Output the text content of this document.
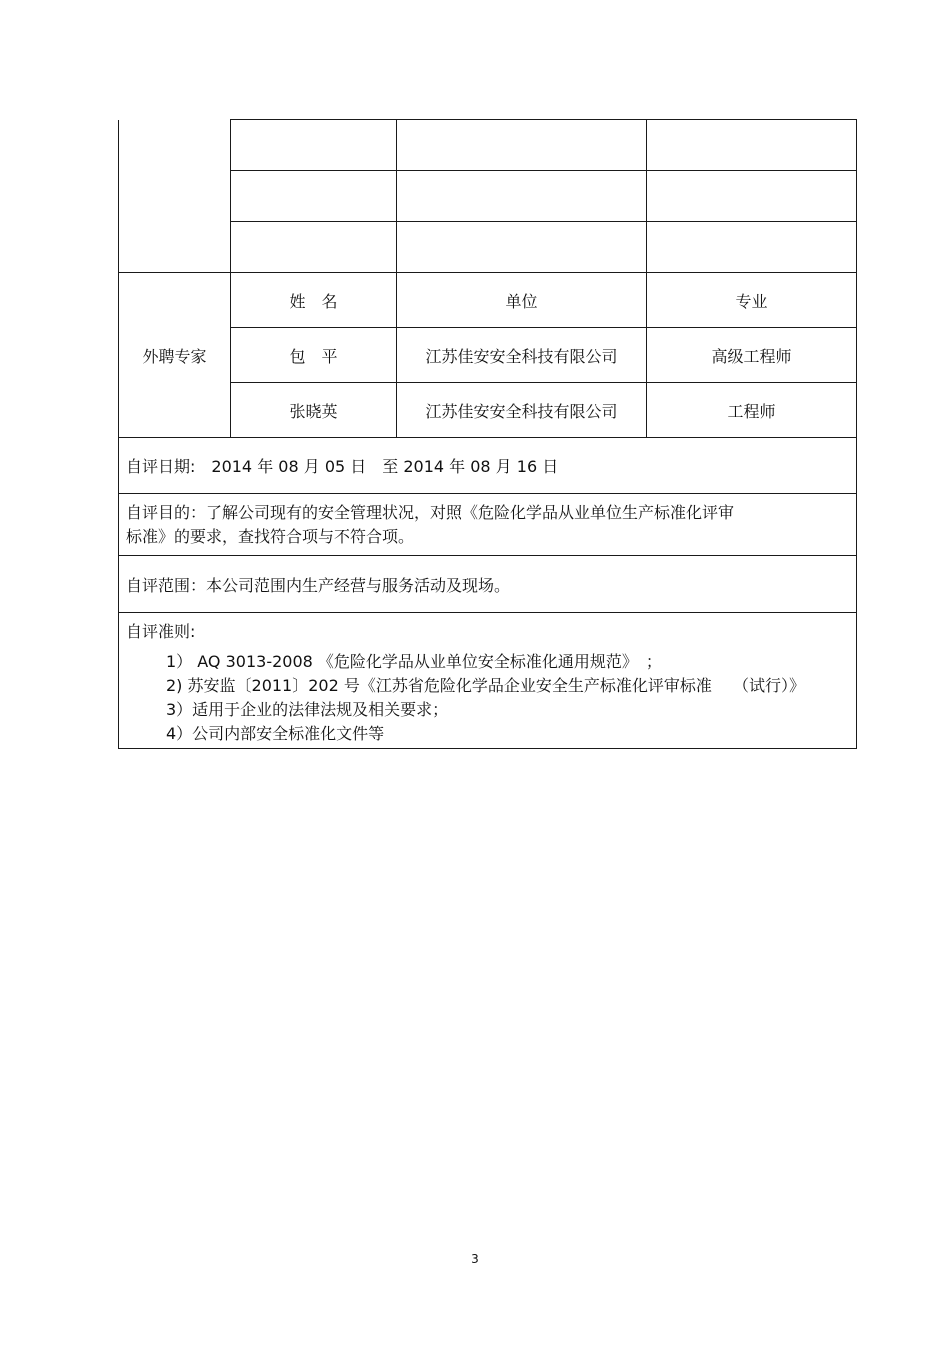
外聘专家	姓　名	单位	专业
	包　平	江苏佳安安全科技有限公司	高级工程师
	张晓英	江苏佳安安全科技有限公司	工程师
自评日期:　2014 年 08 月 05 日　至 2014 年 08 月 16 日			

自评目的：了解公司现有的安全管理状况，对照《危险化学品从业单位生产标准化评审
标准》的要求，查找符合项与不符合项。			

自评范围：本公司范围内生产经营与服务活动及现场。			

自评准则:
1） AQ 3013-2008 《危险化学品从业单位安全标准化通用规范》　；
2) 苏安监〔2011〕202 号《江苏省危险化学品企业安全生产标准化评审标准　 （试行）》
3）适用于企业的法律法规及相关要求；
4）公司内部安全标准化文件等			
3
